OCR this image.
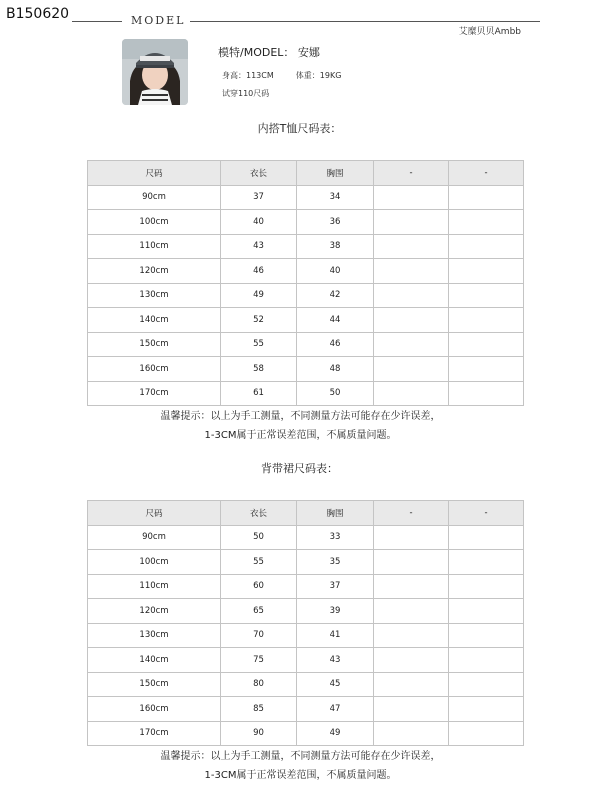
B150620	MODEL
艾糜贝贝Ambb
模特/MODEL： 安娜
身高：113CM	体重：19KG
试穿110尺码
内搭T恤尺码表：
尺码	衣长	胸围	-	-
90cm	37	34		
100cm	40	36		
110cm	43	38		
120cm	46	40		
130cm	49	42		
140cm	52	44		
150cm	55	46		
160cm	58	48		
170cm	61	50		
温馨提示：以上为手工测量，不同测量方法可能存在少许误差，
1-3CM属于正常误差范围，不属质量问题。
背带裙尺码表：
尺码	衣长	胸围	-	-
90cm	50	33		
100cm	55	35		
110cm	60	37		
120cm	65	39		
130cm	70	41		
140cm	75	43		
150cm	80	45		
160cm	85	47		
170cm	90	49		
温馨提示：以上为手工测量，不同测量方法可能存在少许误差，
1-3CM属于正常误差范围，不属质量问题。
